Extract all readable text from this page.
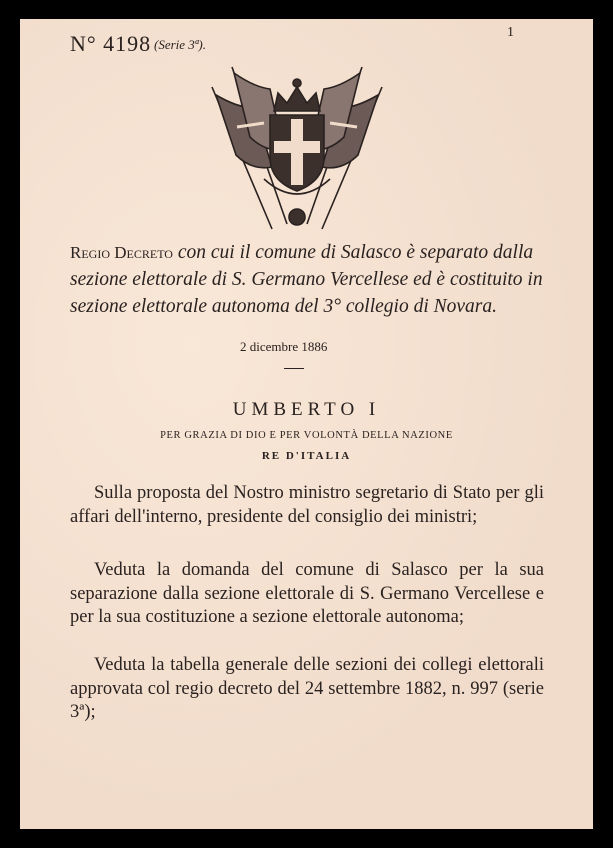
N° 4198 (Serie 3ª).
1
Regio Decreto con cui il comune di Salasco è separato dalla sezione elettorale di S. Germano Vercellese ed è costituito in sezione elettorale autonoma del 3° collegio di Novara.
2 dicembre 1886
UMBERTO I
PER GRAZIA DI DIO E PER VOLONTÀ DELLA NAZIONE
RE D'ITALIA
Sulla proposta del Nostro ministro segretario di Stato per gli affari dell'interno, presidente del consiglio dei ministri;
Veduta la domanda del comune di Salasco per la sua separazione dalla sezione elettorale di S. Germano Vercellese e per la sua costituzione a sezione elettorale autonoma;
Veduta la tabella generale delle sezioni dei collegi elettorali approvata col regio decreto del 24 settembre 1882, n. 997 (serie 3ª);
